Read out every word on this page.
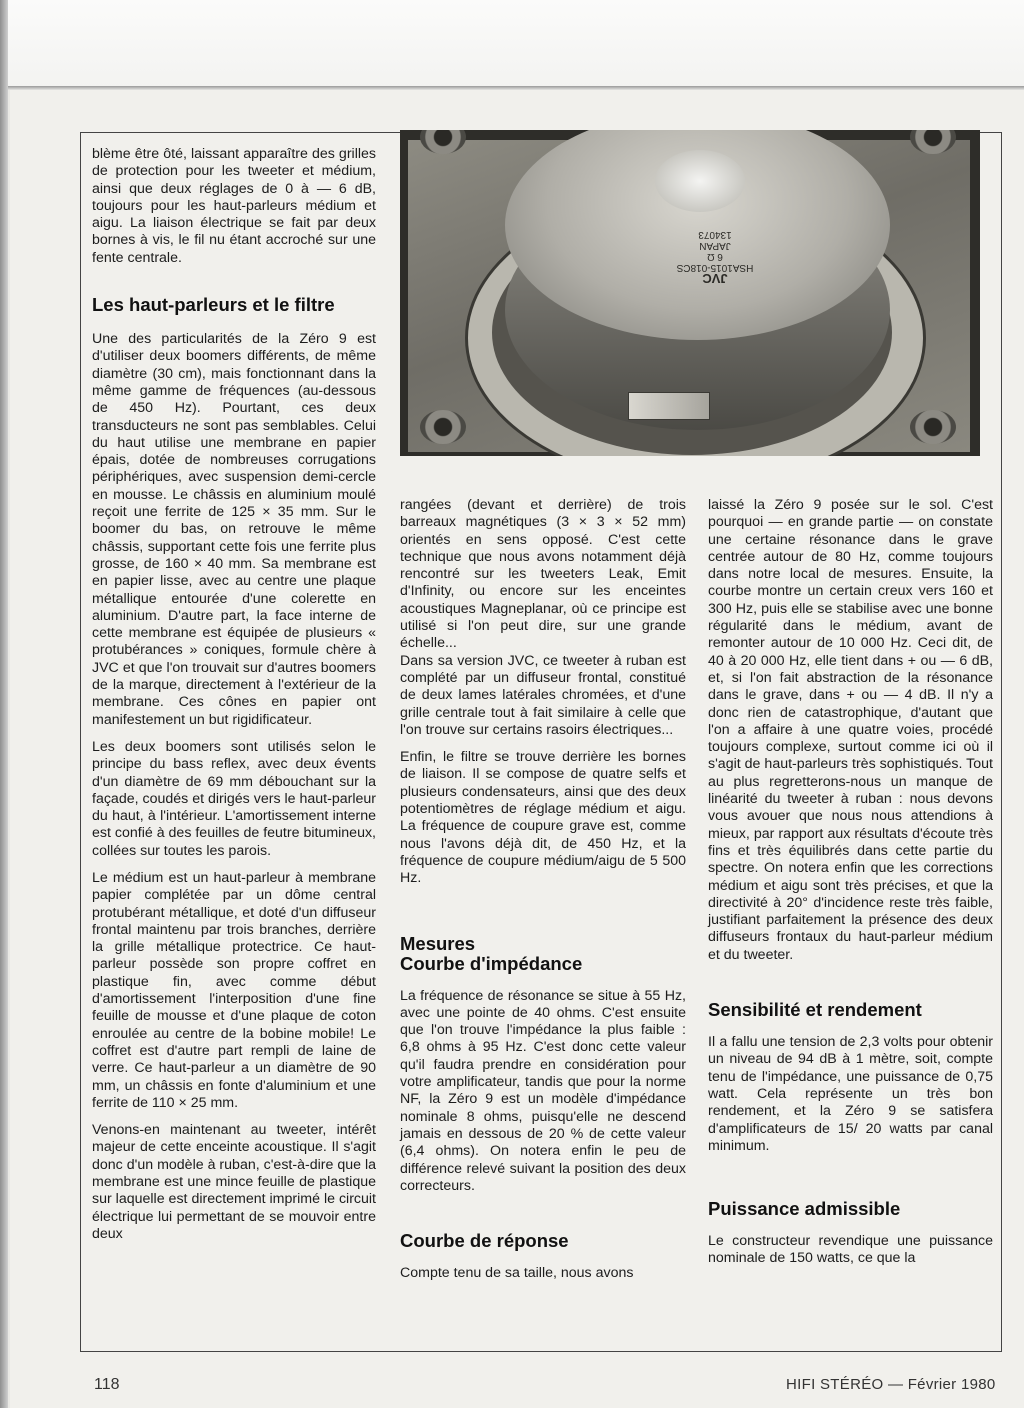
JVC
HSA1015-018CS
6 Ω
JAPAN
134073

blème être ôté, laissant apparaître des grilles de protection pour les tweeter et médium, ainsi que deux réglages de 0 à — 6 dB, toujours pour les haut-parleurs médium et aigu. La liaison électrique se fait par deux bornes à vis, le fil nu étant accroché sur une fente centrale.

Les haut-parleurs et le filtre

Une des particularités de la Zéro 9 est d'utiliser deux boomers différents, de même diamètre (30 cm), mais fonctionnant dans la même gamme de fréquences (au-dessous de 450 Hz). Pourtant, ces deux transducteurs ne sont pas semblables. Celui du haut utilise une membrane en papier épais, dotée de nombreuses corrugations périphériques, avec suspension demi-cercle en mousse. Le châssis en aluminium moulé reçoit une ferrite de 125 × 35 mm. Sur le boomer du bas, on retrouve le même châssis, supportant cette fois une ferrite plus grosse, de 160 × 40 mm. Sa membrane est en papier lisse, avec au centre une plaque métallique entourée d'une colerette en aluminium. D'autre part, la face interne de cette membrane est équipée de plusieurs « protubérances » coniques, formule chère à JVC et que l'on trouvait sur d'autres boomers de la marque, directement à l'extérieur de la membrane. Ces cônes en papier ont manifestement un but rigidificateur.

Les deux boomers sont utilisés selon le principe du bass reflex, avec deux évents d'un diamètre de 69 mm débouchant sur la façade, coudés et dirigés vers le haut-parleur du haut, à l'intérieur. L'amortissement interne est confié à des feuilles de feutre bitumineux, collées sur toutes les parois.

Le médium est un haut-parleur à membrane papier complétée par un dôme central protubérant métallique, et doté d'un diffuseur frontal maintenu par trois branches, derrière la grille métallique protectrice. Ce haut-parleur possède son propre coffret en plastique fin, avec comme début d'amortissement l'interposition d'une fine feuille de mousse et d'une plaque de coton enroulée au centre de la bobine mobile! Le coffret est d'autre part rempli de laine de verre. Ce haut-parleur a un diamètre de 90 mm, un châssis en fonte d'aluminium et une ferrite de 110 × 25 mm.

Venons-en maintenant au tweeter, intérêt majeur de cette enceinte acoustique. Il s'agit donc d'un modèle à ruban, c'est-à-dire que la membrane est une mince feuille de plastique sur laquelle est directement imprimé le circuit électrique lui permettant de se mouvoir entre deux

rangées (devant et derrière) de trois barreaux magnétiques (3 × 3 × 52 mm) orientés en sens opposé. C'est cette technique que nous avons notamment déjà rencontré sur les tweeters Leak, Emit d'Infinity, ou encore sur les enceintes acoustiques Magneplanar, où ce principe est utilisé si l'on peut dire, sur une grande échelle...

Dans sa version JVC, ce tweeter à ruban est complété par un diffuseur frontal, constitué de deux lames latérales chromées, et d'une grille centrale tout à fait similaire à celle que l'on trouve sur certains rasoirs électriques...

Enfin, le filtre se trouve derrière les bornes de liaison. Il se compose de quatre selfs et plusieurs condensateurs, ainsi que des deux potentiomètres de réglage médium et aigu. La fréquence de coupure grave est, comme nous l'avons déjà dit, de 450 Hz, et la fréquence de coupure médium/aigu de 5 500 Hz.

Mesures
Courbe d'impédance

La fréquence de résonance se situe à 55 Hz, avec une pointe de 40 ohms. C'est ensuite que l'on trouve l'impédance la plus faible : 6,8 ohms à 95 Hz. C'est donc cette valeur qu'il faudra prendre en considération pour votre amplificateur, tandis que pour la norme NF, la Zéro 9 est un modèle d'impédance nominale 8 ohms, puisqu'elle ne descend jamais en dessous de 20 % de cette valeur (6,4 ohms). On notera enfin le peu de différence relevé suivant la position des deux correcteurs.

Courbe de réponse

Compte tenu de sa taille, nous avons

laissé la Zéro 9 posée sur le sol. C'est pourquoi — en grande partie — on constate une certaine résonance dans le grave centrée autour de 80 Hz, comme toujours dans notre local de mesures. Ensuite, la courbe montre un certain creux vers 160 et 300 Hz, puis elle se stabilise avec une bonne régularité dans le médium, avant de remonter autour de 10 000 Hz. Ceci dit, de 40 à 20 000 Hz, elle tient dans + ou — 6 dB, et, si l'on fait abstraction de la résonance dans le grave, dans + ou — 4 dB. Il n'y a donc rien de catastrophique, d'autant que l'on a affaire à une quatre voies, procédé toujours complexe, surtout comme ici où il s'agit de haut-parleurs très sophistiqués. Tout au plus regretterons-nous un manque de linéarité du tweeter à ruban : nous devons vous avouer que nous nous attendions à mieux, par rapport aux résultats d'écoute très fins et très équilibrés dans cette partie du spectre. On notera enfin que les corrections médium et aigu sont très précises, et que la directivité à 20° d'incidence reste très faible, justifiant parfaitement la présence des deux diffuseurs frontaux du haut-parleur médium et du tweeter.

Sensibilité et rendement

Il a fallu une tension de 2,3 volts pour obtenir un niveau de 94 dB à 1 mètre, soit, compte tenu de l'impédance, une puissance de 0,75 watt. Cela représente un très bon rendement, et la Zéro 9 se satisfera d'amplificateurs de 15/ 20 watts par canal minimum.

Puissance admissible

Le constructeur revendique une puissance nominale de 150 watts, ce que la

118	HIFI STÉRÉO — Février 1980
